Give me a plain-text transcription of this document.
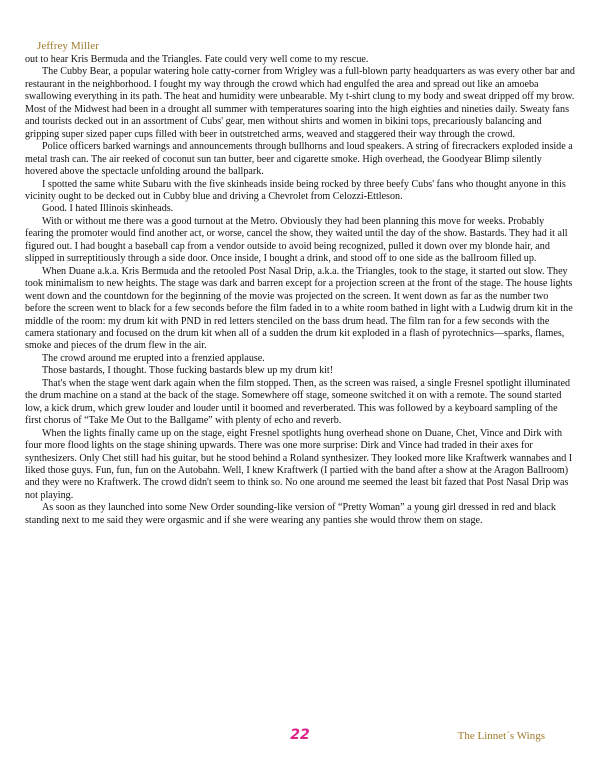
Jeffrey Miller

out to hear Kris Bermuda and the Triangles. Fate could very well come to my rescue.

The Cubby Bear, a popular watering hole catty-corner from Wrigley was a full-blown party headquarters as was every other bar and restaurant in the neighborhood. I fought my way through the crowd which had engulfed the area and spread out like an amoeba swallowing everything in its path. The heat and humidity were unbearable. My t-shirt clung to my body and sweat dripped off my brow. Most of the Midwest had been in a drought all summer with temperatures soaring into the high eighties and nineties daily. Sweaty fans and tourists decked out in an assortment of Cubs' gear, men without shirts and women in bikini tops, precariously balancing and gripping super sized paper cups filled with beer in outstretched arms, weaved and staggered their way through the crowd.

Police officers barked warnings and announcements through bullhorns and loud speakers. A string of firecrackers exploded inside a metal trash can. The air reeked of coconut sun tan butter, beer and cigarette smoke. High overhead, the Goodyear Blimp silently hovered above the spectacle unfolding around the ballpark.

I spotted the same white Subaru with the five skinheads inside being rocked by three beefy Cubs' fans who thought anyone in this vicinity ought to be decked out in Cubby blue and driving a Chevrolet from Celozzi-Ettleson.

Good. I hated Illinois skinheads.

With or without me there was a good turnout at the Metro. Obviously they had been planning this move for weeks. Probably fearing the promoter would find another act, or worse, cancel the show, they waited until the day of the show. Bastards. They had it all figured out. I had bought a baseball cap from a vendor outside to avoid being recognized, pulled it down over my blonde hair, and slipped in surreptitiously through a side door. Once inside, I bought a drink, and stood off to one side as the ballroom filled up.

When Duane a.k.a. Kris Bermuda and the retooled Post Nasal Drip, a.k.a. the Triangles, took to the stage, it started out slow. They took minimalism to new heights. The stage was dark and barren except for a projection screen at the front of the stage. The house lights went down and the countdown for the beginning of the movie was projected on the screen. It went down as far as the number two before the screen went to black for a few seconds before the film faded in to a white room bathed in light with a Ludwig drum kit in the middle of the room: my drum kit with PND in red letters stenciled on the bass drum head. The film ran for a few seconds with the camera stationary and focused on the drum kit when all of a sudden the drum kit exploded in a flash of pyrotechnics—sparks, flames, smoke and pieces of the drum flew in the air.

The crowd around me erupted into a frenzied applause.

Those bastards, I thought. Those fucking bastards blew up my drum kit!

That's when the stage went dark again when the film stopped. Then, as the screen was raised, a single Fresnel spotlight illuminated the drum machine on a stand at the back of the stage. Somewhere off stage, someone switched it on with a remote. The sound started low, a kick drum, which grew louder and louder until it boomed and reverberated. This was followed by a keyboard sampling of the first chorus of “Take Me Out to the Ballgame” with plenty of echo and reverb.

When the lights finally came up on the stage, eight Fresnel spotlights hung overhead shone on Duane, Chet, Vince and Dirk with four more flood lights on the stage shining upwards. There was one more surprise: Dirk and Vince had traded in their axes for synthesizers. Only Chet still had his guitar, but he stood behind a Roland synthesizer. They looked more like Kraftwerk wannabes and I liked those guys. Fun, fun, fun on the Autobahn. Well, I knew Kraftwerk (I partied with the band after a show at the Aragon Ballroom) and they were no Kraftwerk. The crowd didn't seem to think so. No one around me seemed the least bit fazed that Post Nasal Drip was not playing.

As soon as they launched into some New Order sounding-like version of “Pretty Woman” a young girl dressed in red and black standing next to me said they were orgasmic and if she were wearing any panties she would throw them on stage.

22	The Linnet´s Wings
